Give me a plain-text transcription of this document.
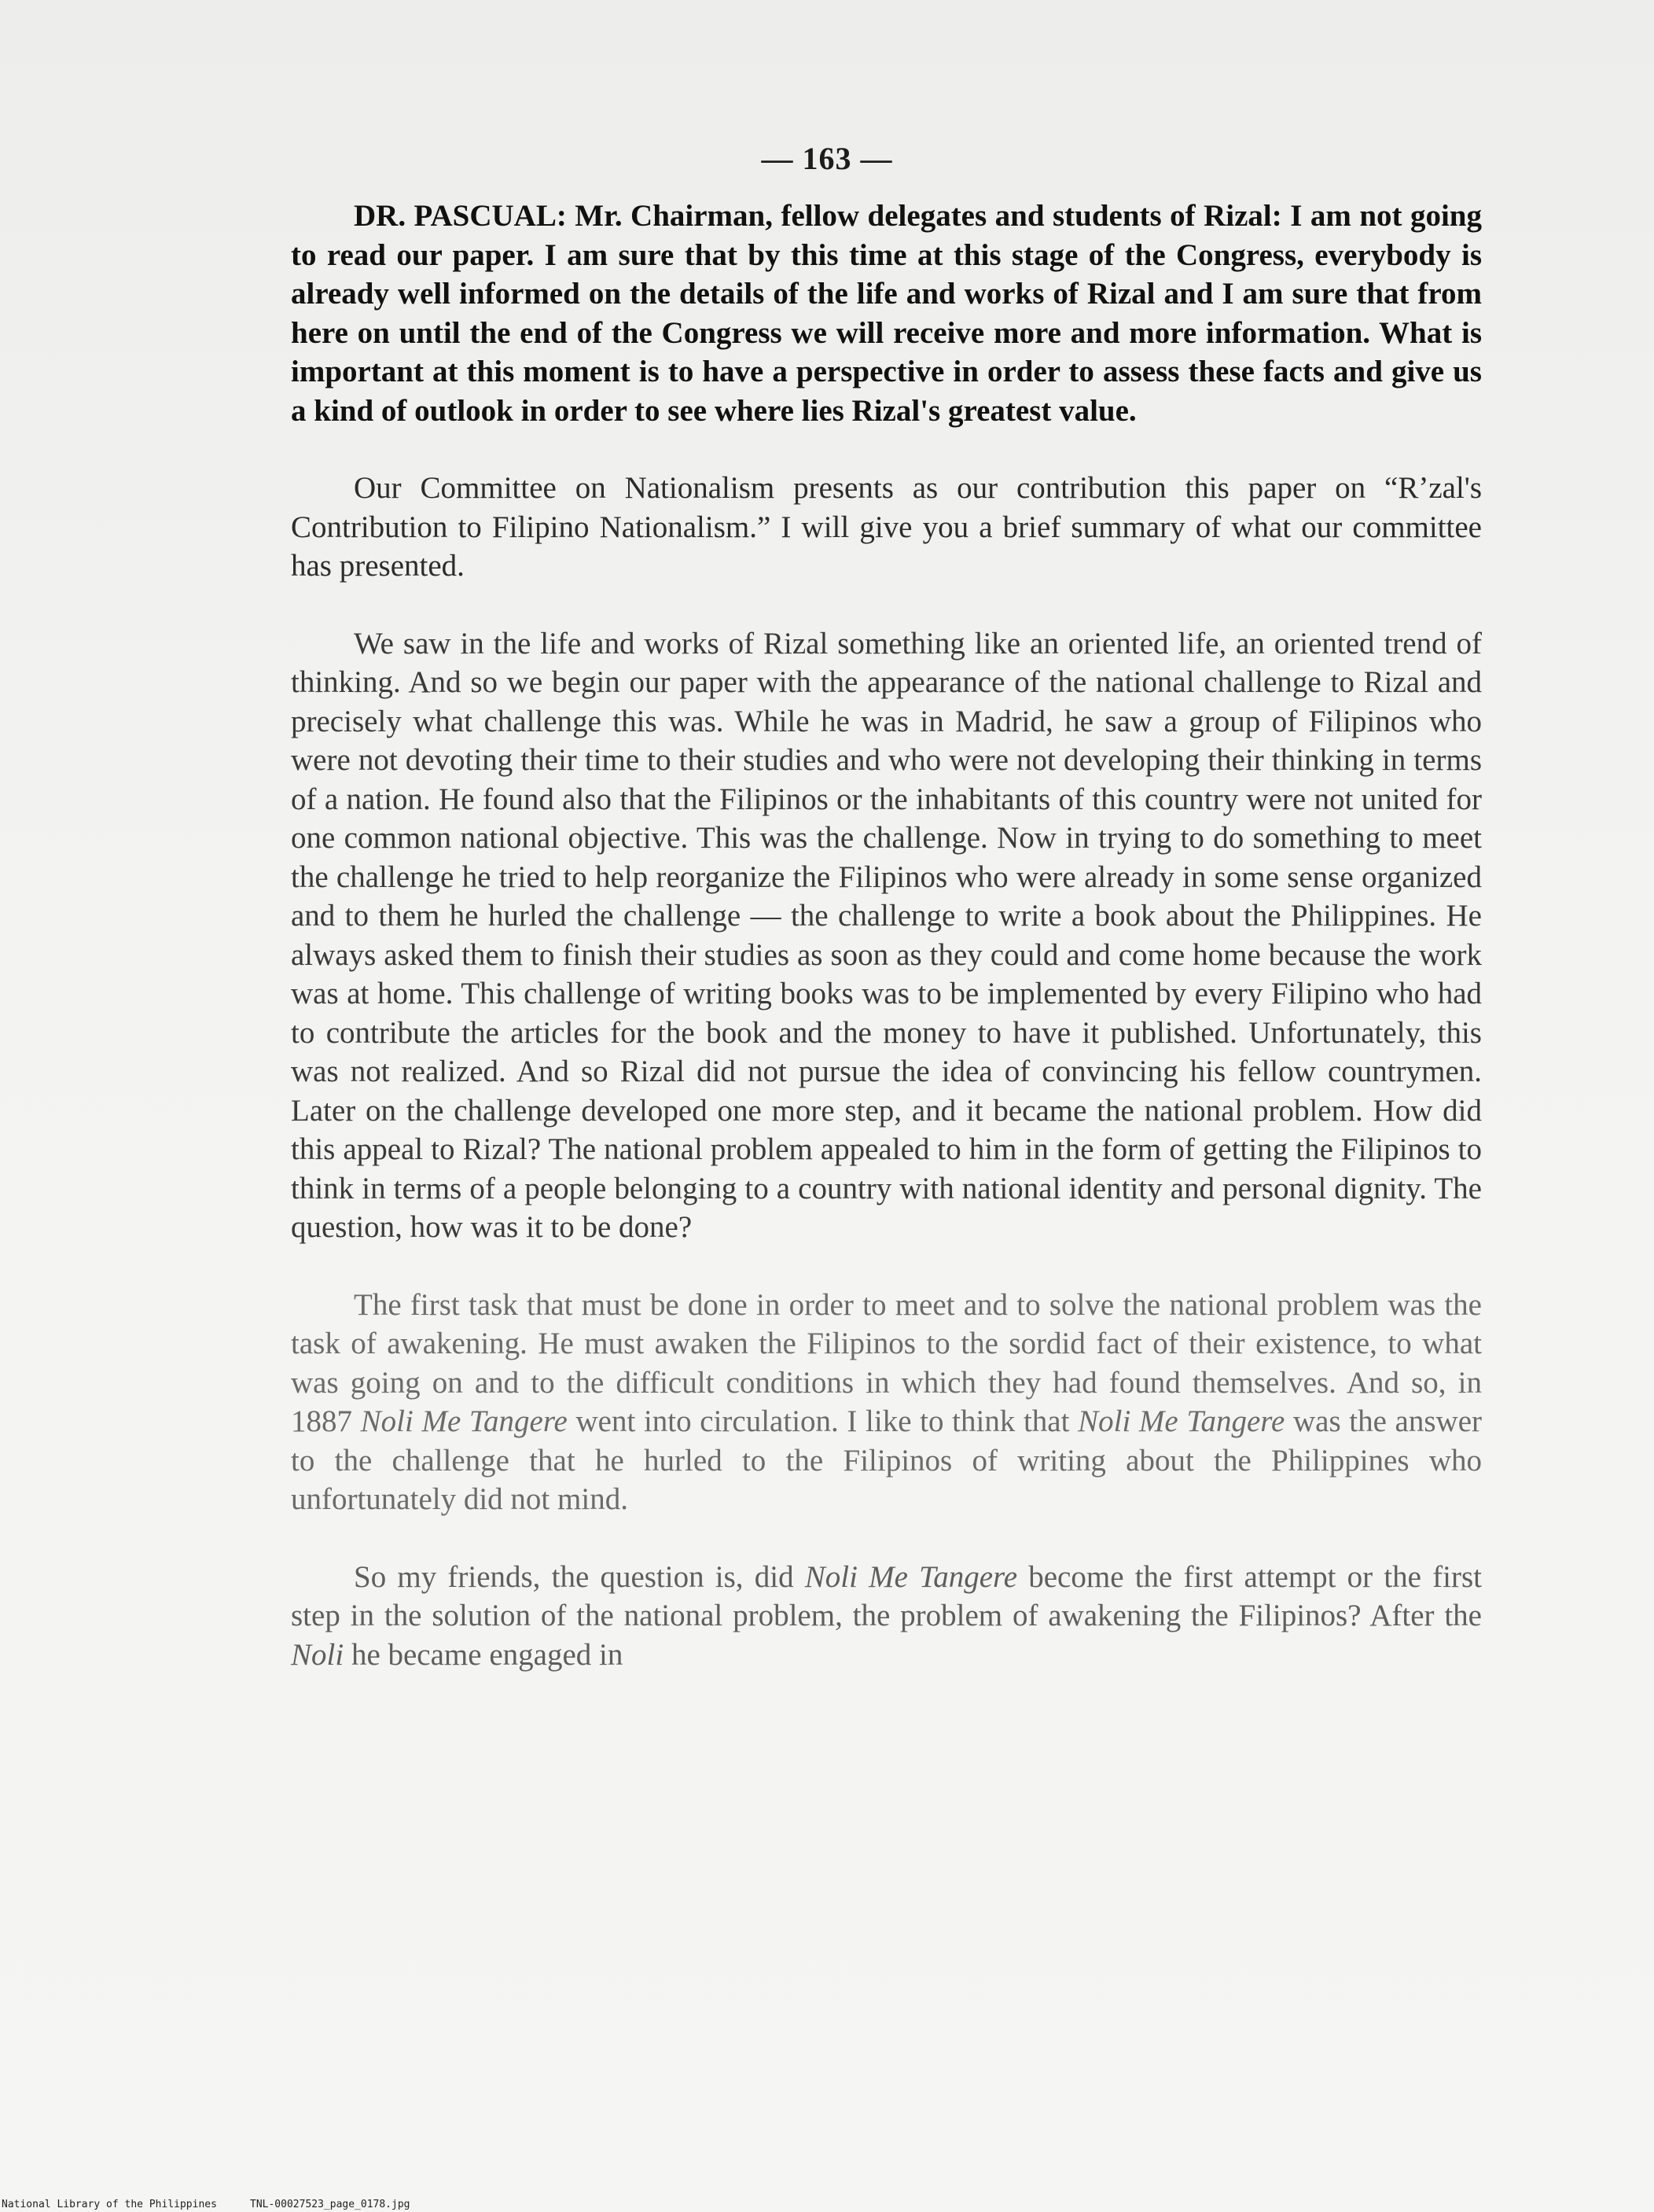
— 163 —

DR. PASCUAL: Mr. Chairman, fellow delegates and students of Rizal: I am not going to read our paper. I am sure that by this time at this stage of the Congress, everybody is already well informed on the details of the life and works of Rizal and I am sure that from here on until the end of the Congress we will receive more and more information. What is important at this moment is to have a perspective in order to assess these facts and give us a kind of outlook in order to see where lies Rizal's greatest value.

Our Committee on Nationalism presents as our contribution this paper on “Rʼzal's Contribution to Filipino Nationalism.” I will give you a brief summary of what our committee has presented.

We saw in the life and works of Rizal something like an oriented life, an oriented trend of thinking. And so we begin our paper with the appearance of the national challenge to Rizal and precisely what challenge this was. While he was in Madrid, he saw a group of Filipinos who were not devoting their time to their studies and who were not developing their thinking in terms of a nation. He found also that the Filipinos or the inhabitants of this country were not united for one common national objective. This was the challenge. Now in trying to do something to meet the challenge he tried to help reorganize the Filipinos who were already in some sense organized and to them he hurled the challenge — the challenge to write a book about the Philippines. He always asked them to finish their studies as soon as they could and come home because the work was at home. This challenge of writing books was to be implemented by every Filipino who had to contribute the articles for the book and the money to have it published. Unfortunately, this was not realized. And so Rizal did not pursue the idea of convincing his fellow countrymen. Later on the challenge developed one more step, and it became the national problem. How did this appeal to Rizal? The national problem appealed to him in the form of getting the Filipinos to think in terms of a people belonging to a country with national identity and personal dignity. The question, how was it to be done?

The first task that must be done in order to meet and to solve the national problem was the task of awakening. He must awaken the Filipinos to the sordid fact of their existence, to what was going on and to the difficult conditions in which they had found themselves. And so, in 1887 Noli Me Tangere went into circulation. I like to think that Noli Me Tangere was the answer to the challenge that he hurled to the Filipinos of writing about the Philippines who unfortunately did not mind.

So my friends, the question is, did Noli Me Tangere become the first attempt or the first step in the solution of the national problem, the problem of awakening the Filipinos? After the Noli he became engaged in

National Library of the Philippines	TNL-00027523_page_0178.jpg
